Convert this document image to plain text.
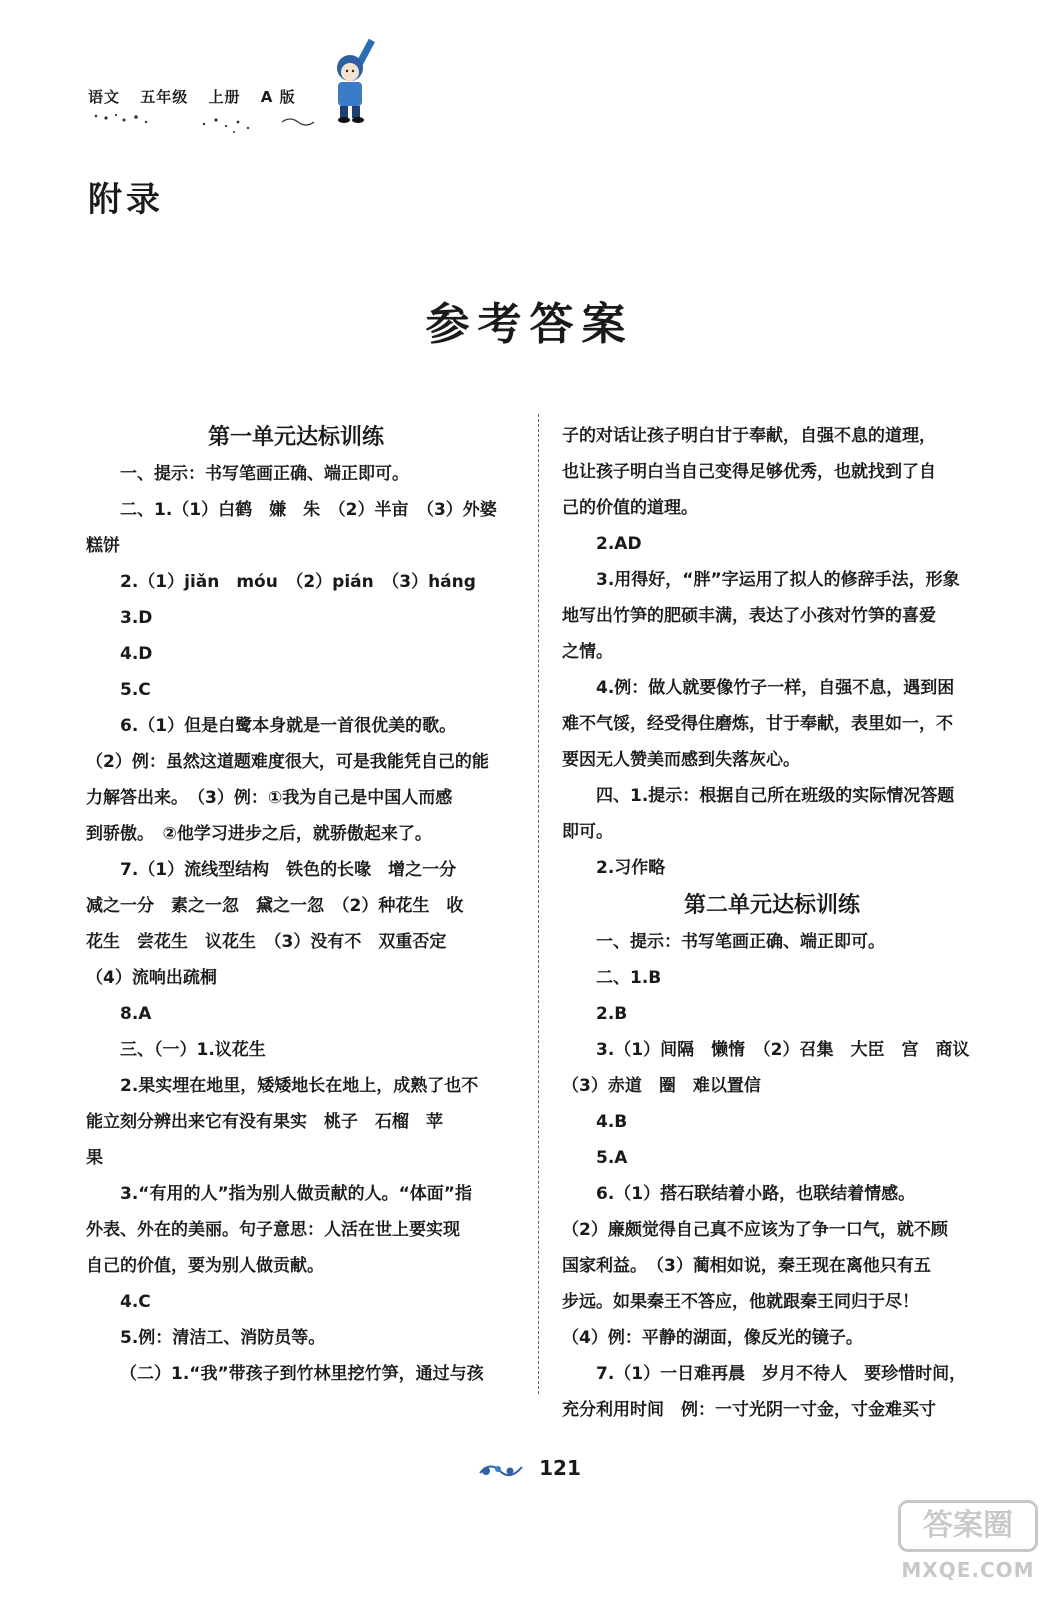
语文 五年级 上册 A 版
附录
参考答案
第一单元达标训练
一、提示：书写笔画正确、端正即可。
二、1.（1）白鹤　嫌　朱　（2）半亩　（3）外婆
糕饼
2.（1）jiǎn　móu　（2）pián　（3）háng
3.D
4.D
5.C
6.（1）但是白鹭本身就是一首很优美的歌。
（2）例：虽然这道题难度很大，可是我能凭自己的能
力解答出来。　（3）例：①我为自己是中国人而感
到骄傲。　②他学习进步之后，就骄傲起来了。
7.（1）流线型结构　铁色的长喙　增之一分
减之一分　素之一忽　黛之一忽　（2）种花生　收
花生　尝花生　议花生　（3）没有不　双重否定
（4）流响出疏桐
8.A
三、（一）1.议花生
2.果实埋在地里，矮矮地长在地上，成熟了也不
能立刻分辨出来它有没有果实　桃子　石榴　苹
果
3.“有用的人”指为别人做贡献的人。“体面”指
外表、外在的美丽。句子意思：人活在世上要实现
自己的价值，要为别人做贡献。
4.C
5.例：清洁工、消防员等。
（二）1.“我”带孩子到竹林里挖竹笋，通过与孩
子的对话让孩子明白甘于奉献，自强不息的道理，
也让孩子明白当自己变得足够优秀，也就找到了自
己的价值的道理。
2.AD
3.用得好，“胖”字运用了拟人的修辞手法，形象
地写出竹笋的肥硕丰满，表达了小孩对竹笋的喜爱
之情。
4.例：做人就要像竹子一样，自强不息，遇到困
难不气馁，经受得住磨炼，甘于奉献，表里如一，不
要因无人赞美而感到失落灰心。
四、1.提示：根据自己所在班级的实际情况答题
即可。
2.习作略
第二单元达标训练
一、提示：书写笔画正确、端正即可。
二、1.B
2.B
3.（1）间隔　懒惰　（2）召集　大臣　宫　商议
（3）赤道　圈　难以置信
4.B
5.A
6.（1）搭石联结着小路，也联结着情感。
（2）廉颇觉得自己真不应该为了争一口气，就不顾
国家利益。　（3）蔺相如说，秦王现在离他只有五
步远。如果秦王不答应，他就跟秦王同归于尽！
（4）例：平静的湖面，像反光的镜子。
7.（1）一日难再晨　岁月不待人　要珍惜时间，
充分利用时间　例：一寸光阴一寸金，寸金难买寸
121
答案圈
MXQE.COM
